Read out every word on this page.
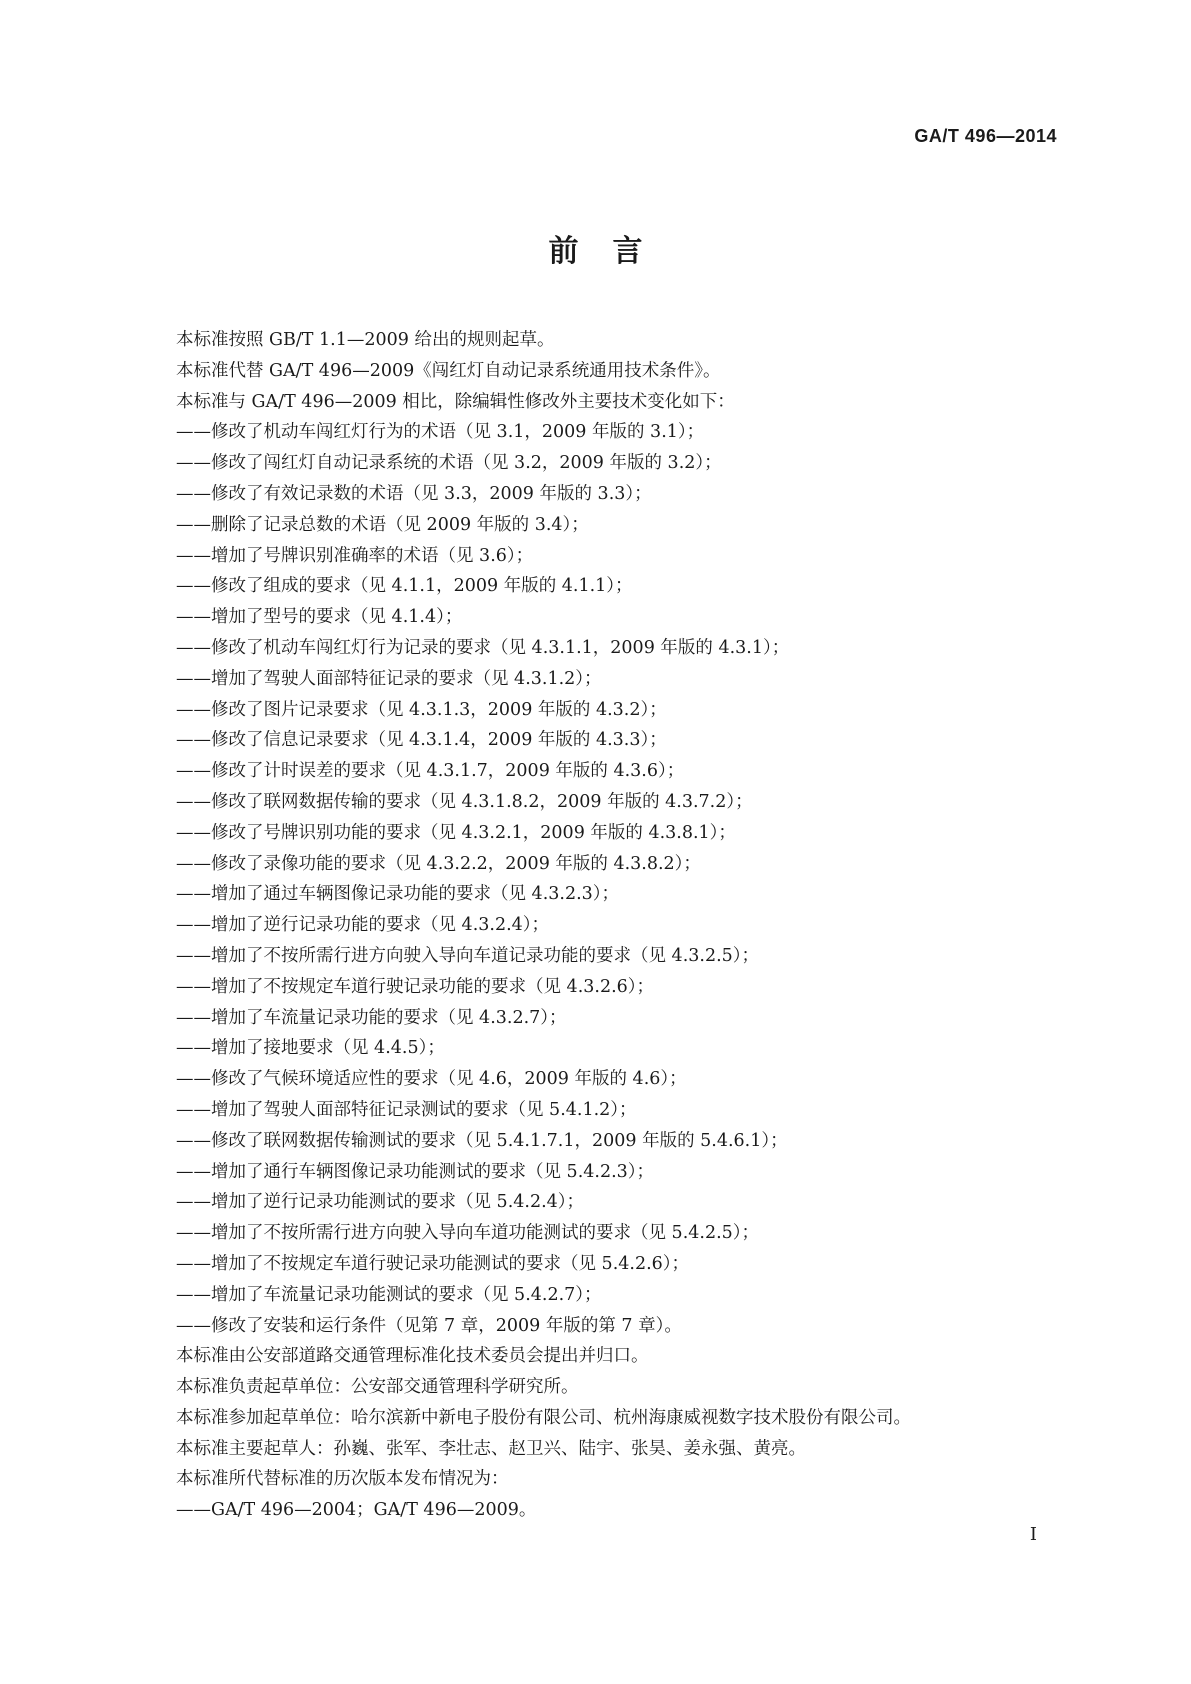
GA/T 496—2014
前言
本标准按照 GB/T 1.1—2009 给出的规则起草。
本标准代替 GA/T 496—2009《闯红灯自动记录系统通用技术条件》。
本标准与 GA/T 496—2009 相比，除编辑性修改外主要技术变化如下：
——修改了机动车闯红灯行为的术语（见 3.1，2009 年版的 3.1）；
——修改了闯红灯自动记录系统的术语（见 3.2，2009 年版的 3.2）；
——修改了有效记录数的术语（见 3.3，2009 年版的 3.3）；
——删除了记录总数的术语（见 2009 年版的 3.4）；
——增加了号牌识别准确率的术语（见 3.6）；
——修改了组成的要求（见 4.1.1，2009 年版的 4.1.1）；
——增加了型号的要求（见 4.1.4）；
——修改了机动车闯红灯行为记录的要求（见 4.3.1.1，2009 年版的 4.3.1）；
——增加了驾驶人面部特征记录的要求（见 4.3.1.2）；
——修改了图片记录要求（见 4.3.1.3，2009 年版的 4.3.2）；
——修改了信息记录要求（见 4.3.1.4，2009 年版的 4.3.3）；
——修改了计时误差的要求（见 4.3.1.7，2009 年版的 4.3.6）；
——修改了联网数据传输的要求（见 4.3.1.8.2，2009 年版的 4.3.7.2）；
——修改了号牌识别功能的要求（见 4.3.2.1，2009 年版的 4.3.8.1）；
——修改了录像功能的要求（见 4.3.2.2，2009 年版的 4.3.8.2）；
——增加了通过车辆图像记录功能的要求（见 4.3.2.3）；
——增加了逆行记录功能的要求（见 4.3.2.4）；
——增加了不按所需行进方向驶入导向车道记录功能的要求（见 4.3.2.5）；
——增加了不按规定车道行驶记录功能的要求（见 4.3.2.6）；
——增加了车流量记录功能的要求（见 4.3.2.7）；
——增加了接地要求（见 4.4.5）；
——修改了气候环境适应性的要求（见 4.6，2009 年版的 4.6）；
——增加了驾驶人面部特征记录测试的要求（见 5.4.1.2）；
——修改了联网数据传输测试的要求（见 5.4.1.7.1，2009 年版的 5.4.6.1）；
——增加了通行车辆图像记录功能测试的要求（见 5.4.2.3）；
——增加了逆行记录功能测试的要求（见 5.4.2.4）；
——增加了不按所需行进方向驶入导向车道功能测试的要求（见 5.4.2.5）；
——增加了不按规定车道行驶记录功能测试的要求（见 5.4.2.6）；
——增加了车流量记录功能测试的要求（见 5.4.2.7）；
——修改了安装和运行条件（见第 7 章，2009 年版的第 7 章）。
本标准由公安部道路交通管理标准化技术委员会提出并归口。
本标准负责起草单位：公安部交通管理科学研究所。
本标准参加起草单位：哈尔滨新中新电子股份有限公司、杭州海康威视数字技术股份有限公司。
本标准主要起草人：孙巍、张军、李壮志、赵卫兴、陆宇、张昊、姜永强、黄亮。
本标准所代替标准的历次版本发布情况为：
——GA/T 496—2004；GA/T 496—2009。
I
